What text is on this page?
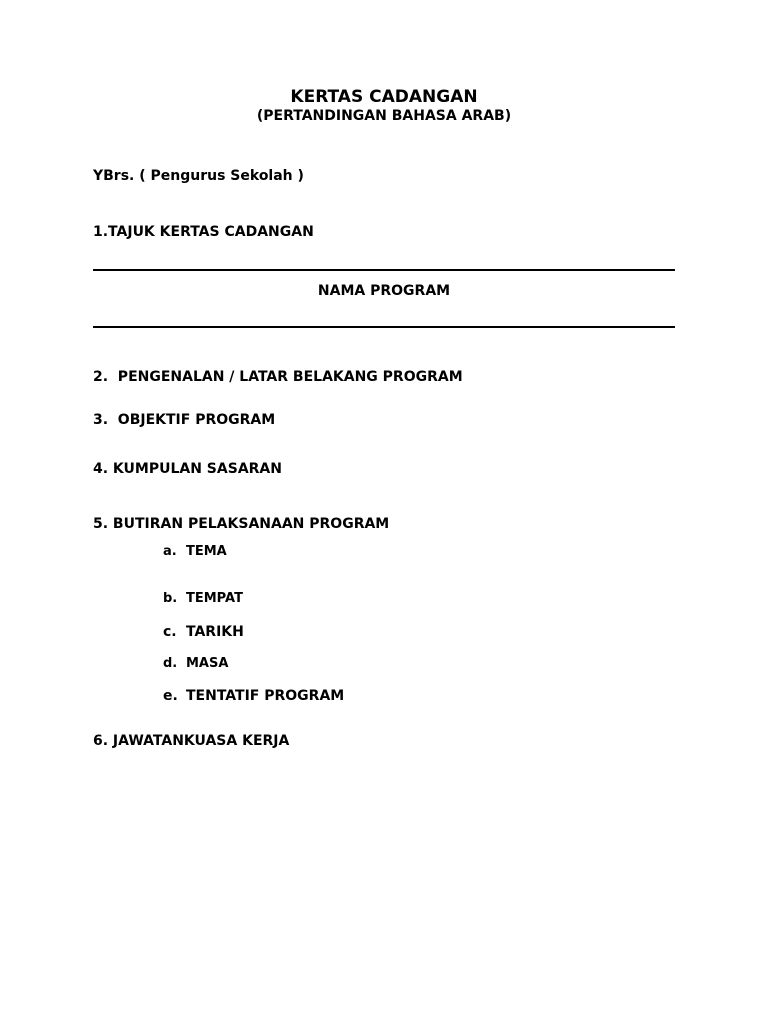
KERTAS CADANGAN
(PERTANDINGAN BAHASA ARAB)
YBrs. ( Pengurus Sekolah )
1.TAJUK KERTAS CADANGAN
NAMA PROGRAM
2.  PENGENALAN / LATAR BELAKANG PROGRAM
3.  OBJEKTIF PROGRAM
4. KUMPULAN SASARAN
5. BUTIRAN PELAKSANAAN PROGRAM
a. TEMA
b. TEMPAT
c. TARIKH
d. MASA
e. TENTATIF PROGRAM
6. JAWATANKUASA KERJA
